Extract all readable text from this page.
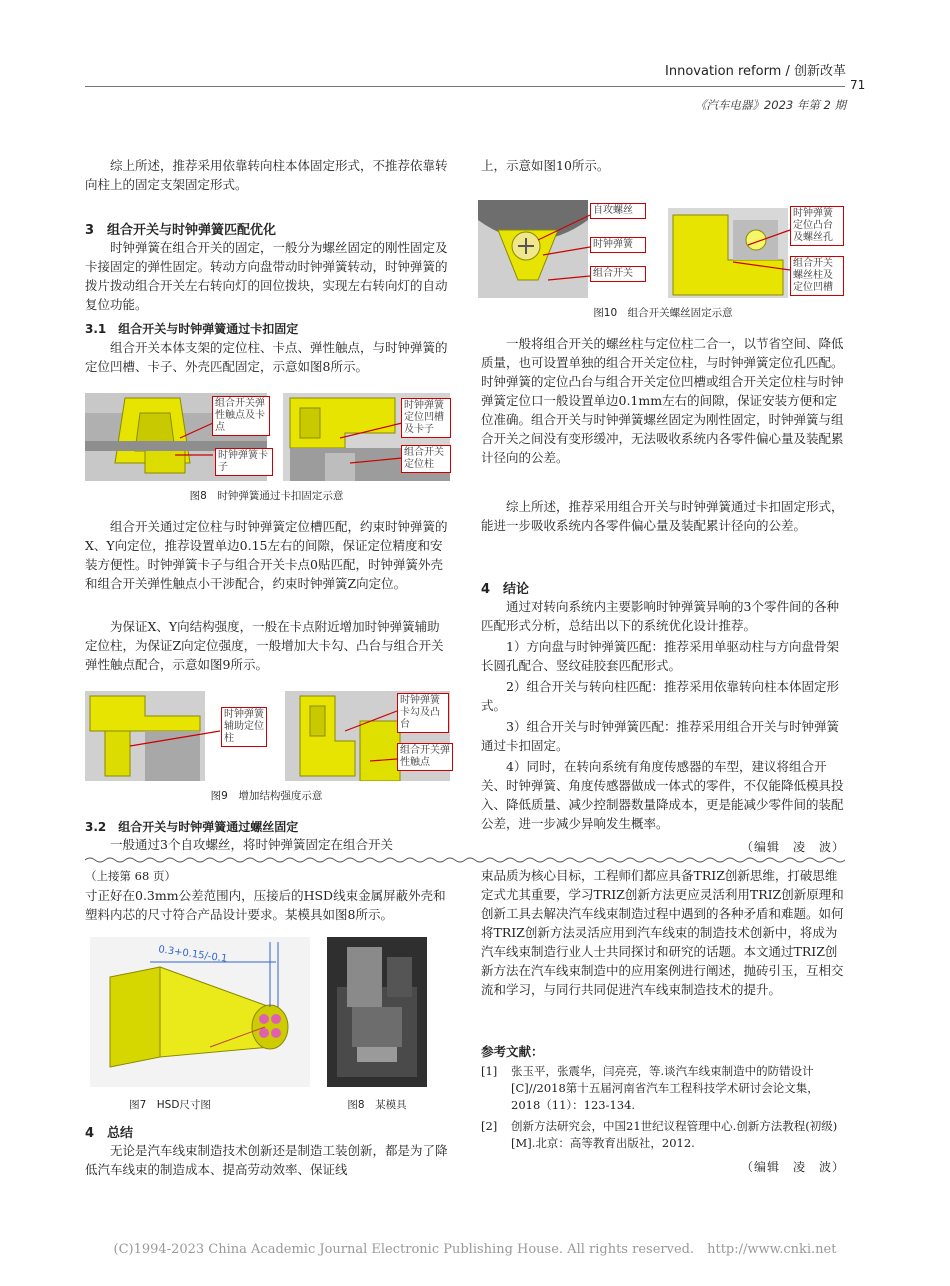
Innovation reform / 创新改革
71
《汽车电器》2023 年第 2 期

综上所述，推荐采用依靠转向柱本体固定形式，不推荐依靠转向柱上的固定支架固定形式。

3　组合开关与时钟弹簧匹配优化

时钟弹簧在组合开关的固定，一般分为螺丝固定的刚性固定及卡接固定的弹性固定。转动方向盘带动时钟弹簧转动，时钟弹簧的拨片拨动组合开关左右转向灯的回位拨块，实现左右转向灯的自动复位功能。

3.1　组合开关与时钟弹簧通过卡扣固定

组合开关本体支架的定位柱、卡点、弹性触点，与时钟弹簧的定位凹槽、卡子、外壳匹配固定，示意如图8所示。

组合开关弹性触点及卡点
时钟弹簧卡子
时钟弹簧定位凹槽及卡子
组合开关定位柱
图8　时钟弹簧通过卡扣固定示意

组合开关通过定位柱与时钟弹簧定位槽匹配，约束时钟弹簧的X、Y向定位，推荐设置单边0.15左右的间隙，保证定位精度和安装方便性。时钟弹簧卡子与组合开关卡点0贴匹配，时钟弹簧外壳和组合开关弹性触点小干涉配合，约束时钟弹簧Z向定位。

为保证X、Y向结构强度，一般在卡点附近增加时钟弹簧辅助定位柱，为保证Z向定位强度，一般增加大卡勾、凸台与组合开关弹性触点配合，示意如图9所示。

时钟弹簧辅助定位柱
时钟弹簧卡勾及凸台
组合开关弹性触点
图9　增加结构强度示意

3.2　组合开关与时钟弹簧通过螺丝固定

一般通过3个自攻螺丝，将时钟弹簧固定在组合开关

上，示意如图10所示。

自攻螺丝
时钟弹簧
组合开关
时钟弹簧定位凸台及螺丝孔
组合开关螺丝柱及定位凹槽
图10　组合开关螺丝固定示意

一般将组合开关的螺丝柱与定位柱二合一，以节省空间、降低质量，也可设置单独的组合开关定位柱，与时钟弹簧定位孔匹配。时钟弹簧的定位凸台与组合开关定位凹槽或组合开关定位柱与时钟弹簧定位口一般设置单边0.1mm左右的间隙，保证安装方便和定位准确。组合开关与时钟弹簧螺丝固定为刚性固定，时钟弹簧与组合开关之间没有变形缓冲，无法吸收系统内各零件偏心量及装配累计径向的公差。

综上所述，推荐采用组合开关与时钟弹簧通过卡扣固定形式，能进一步吸收系统内各零件偏心量及装配累计径向的公差。

4　结论

通过对转向系统内主要影响时钟弹簧异响的3个零件间的各种匹配形式分析，总结出以下的系统优化设计推荐。

1）方向盘与时钟弹簧匹配：推荐采用单驱动柱与方向盘骨架长圆孔配合、竖纹硅胶套匹配形式。

2）组合开关与转向柱匹配：推荐采用依靠转向柱本体固定形式。

3）组合开关与时钟弹簧匹配：推荐采用组合开关与时钟弹簧通过卡扣固定。

4）同时，在转向系统有角度传感器的车型，建议将组合开关、时钟弹簧、角度传感器做成一体式的零件，不仅能降低模具投入、降低质量、减少控制器数量降成本，更是能减少零件间的装配公差，进一步减少异响发生概率。

（编辑　凌　波）
（上接第 68 页）

寸正好在0.3mm公差范围内，压接后的HSD线束金属屏蔽外壳和塑料内芯的尺寸符合产品设计要求。某模具如图8所示。

0.3+0.15/-0.1
图7　HSD尺寸图	图8　某模具

4　总结

无论是汽车线束制造技术创新还是制造工装创新，都是为了降低汽车线束的制造成本、提高劳动效率、保证线

束品质为核心目标，工程师们都应具备TRIZ创新思维，打破思维定式尤其重要，学习TRIZ创新方法更应灵活利用TRIZ创新原理和创新工具去解决汽车线束制造过程中遇到的各种矛盾和难题。如何将TRIZ创新方法灵活应用到汽车线束的制造技术创新中，将成为汽车线束制造行业人士共同探讨和研究的话题。本文通过TRIZ创新方法在汽车线束制造中的应用案例进行阐述，抛砖引玉，互相交流和学习，与同行共同促进汽车线束制造技术的提升。

参考文献：
[1]	张玉平，张震华，闫亮亮，等.谈汽车线束制造中的防错设计[C]//2018第十五届河南省汽车工程科技学术研讨会论文集，2018（11）：123-134.
[2]	创新方法研究会，中国21世纪议程管理中心.创新方法教程(初级)[M].北京：高等教育出版社，2012.
（编辑　凌　波）
(C)1994-2023 China Academic Journal Electronic Publishing House. All rights reserved.　http://www.cnki.net
